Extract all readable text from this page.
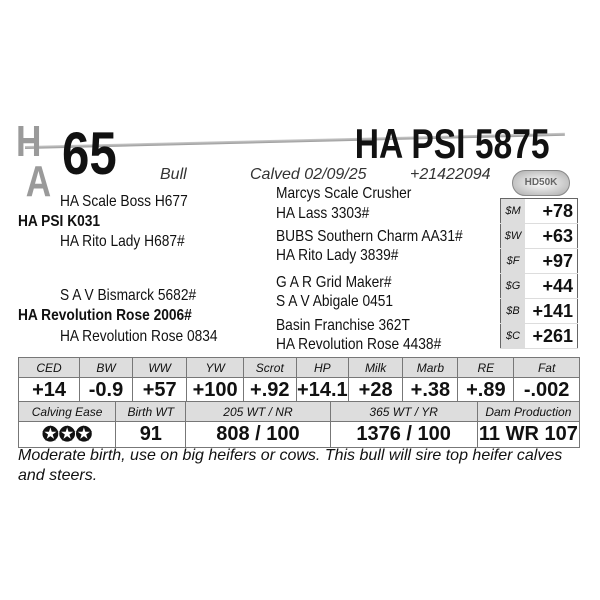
H
A 65	HA PSI 5875
Bull	Calved 02/09/25	+21422094	HD50K
HA Scale Boss H677
HA PSI K031
HA Rito Lady H687#
S A V Bismarck 5682#
HA Revolution Rose 2006#
HA Revolution Rose 0834
Marcys Scale Crusher
HA Lass 3303#
BUBS Southern Charm AA31#
HA Rito Lady 3839#
G A R Grid Maker#
S A V Abigale 0451
Basin Franchise 362T
HA Revolution Rose 4438#
$M	+78
$W	+63
$F	+97
$G	+44
$B	+141
$C	+261
CED	BW	WW	YW	Scrot	HP	Milk	Marb	RE	Fat
+14	-0.9	+57	+100	+.92	+14.1	+28	+.38	+.89	-.002
Calving Ease	Birth WT	205 WT / NR	365 WT / YR	Dam Production
✪✪✪	91	808 / 100	1376 / 100	11 WR 107
Moderate birth, use on big heifers or cows. This bull will sire top heifer calves and steers.
